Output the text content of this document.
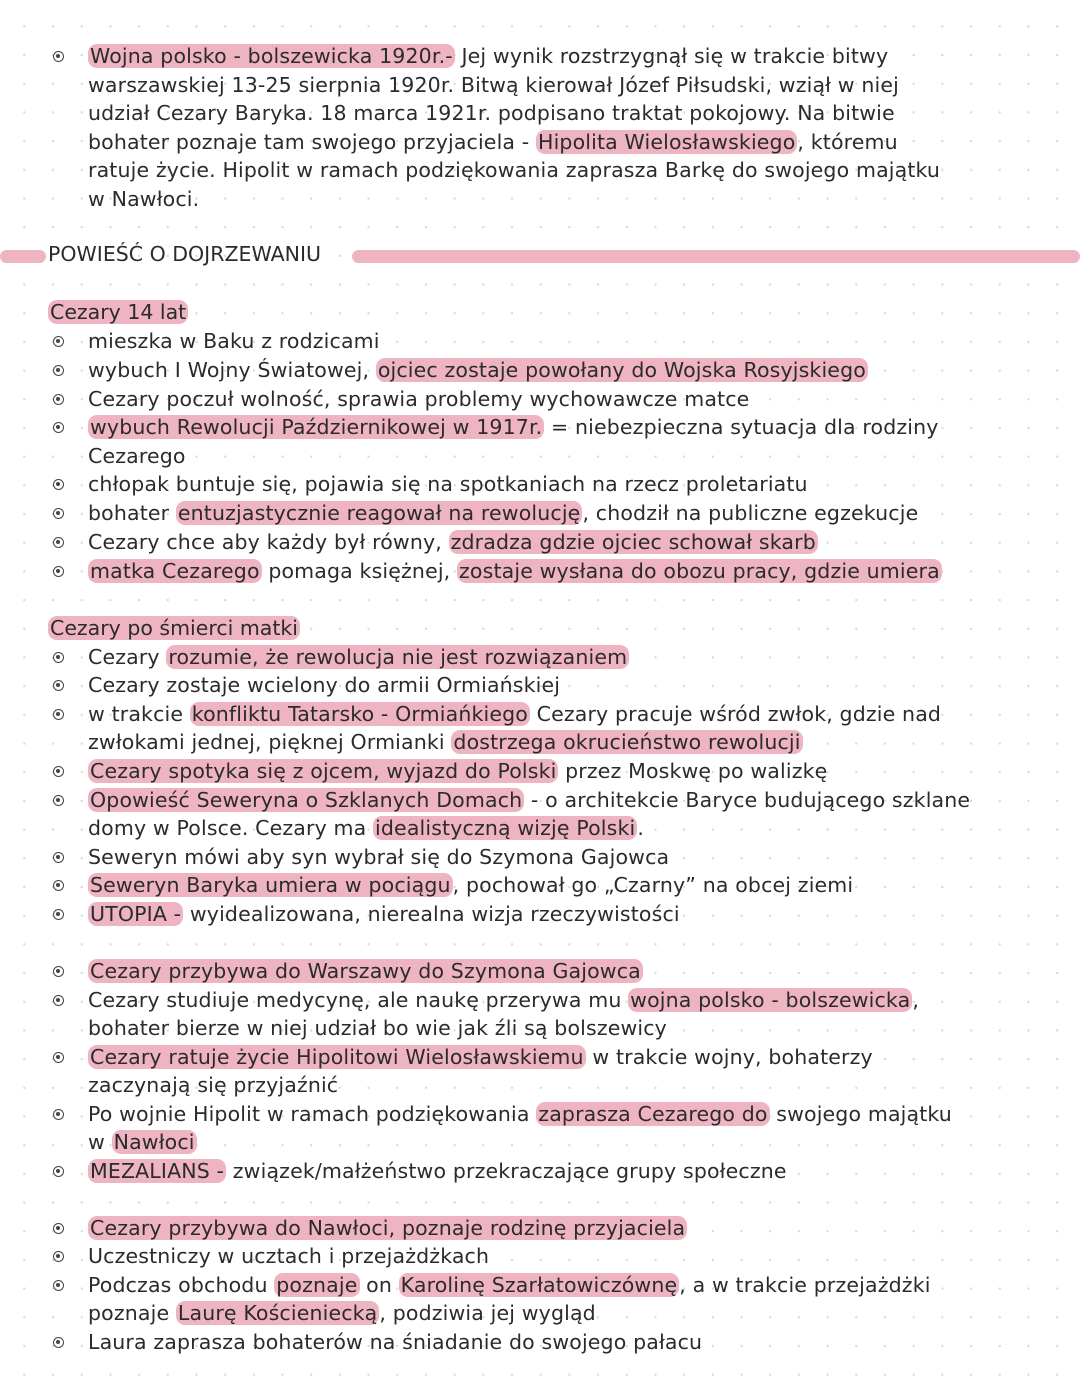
POWIEŚĆ O DOJRZEWANIU
Cezary 14 lat
Cezary po śmierci matki
Wojna polsko - bolszewicka 1920r.- Jej wynik rozstrzygnął się w trakcie bitwy
warszawskiej 13-25 sierpnia 1920r. Bitwą kierował Józef Piłsudski, wziął w niej
udział Cezary Baryka. 18 marca 1921r. podpisano traktat pokojowy. Na bitwie
bohater poznaje tam swojego przyjaciela - Hipolita Wielosławskiego, któremu
ratuje życie. Hipolit w ramach podziękowania zaprasza Barkę do swojego majątku
w Nawłoci.
mieszka w Baku z rodzicami
wybuch I Wojny Światowej, ojciec zostaje powołany do Wojska Rosyjskiego
Cezary poczuł wolność, sprawia problemy wychowawcze matce
wybuch Rewolucji Październikowej w 1917r. = niebezpieczna sytuacja dla rodziny
Cezarego
chłopak buntuje się, pojawia się na spotkaniach na rzecz proletariatu
bohater entuzjastycznie reagował na rewolucję, chodził na publiczne egzekucje
Cezary chce aby każdy był równy, zdradza gdzie ojciec schował skarb
matka Cezarego pomaga księżnej, zostaje wysłana do obozu pracy, gdzie umiera
Cezary rozumie, że rewolucja nie jest rozwiązaniem
Cezary zostaje wcielony do armii Ormiańskiej
w trakcie konfliktu Tatarsko - Ormiańkiego Cezary pracuje wśród zwłok, gdzie nad
zwłokami jednej, pięknej Ormianki dostrzega okrucieństwo rewolucji
Cezary spotyka się z ojcem, wyjazd do Polski przez Moskwę po walizkę
Opowieść Seweryna o Szklanych Domach - o architekcie Baryce budującego szklane
domy w Polsce. Cezary ma idealistyczną wizję Polski.
Seweryn mówi aby syn wybrał się do Szymona Gajowca
Seweryn Baryka umiera w pociągu, pochował go „Czarny” na obcej ziemi
UTOPIA - wyidealizowana, nierealna wizja rzeczywistości
Cezary przybywa do Warszawy do Szymona Gajowca
Cezary studiuje medycynę, ale naukę przerywa mu wojna polsko - bolszewicka,
bohater bierze w niej udział bo wie jak źli są bolszewicy
Cezary ratuje życie Hipolitowi Wielosławskiemu w trakcie wojny, bohaterzy
zaczynają się przyjaźnić
Po wojnie Hipolit w ramach podziękowania zaprasza Cezarego do swojego majątku
w Nawłoci
MEZALIANS - związek/małżeństwo przekraczające grupy społeczne
Cezary przybywa do Nawłoci, poznaje rodzinę przyjaciela
Uczestniczy w ucztach i przejażdżkach
Podczas obchodu poznaje on Karolinę Szarłatowiczównę, a w trakcie przejażdżki
poznaje Laurę Kościeniecką, podziwia jej wygląd
Laura zaprasza bohaterów na śniadanie do swojego pałacu
